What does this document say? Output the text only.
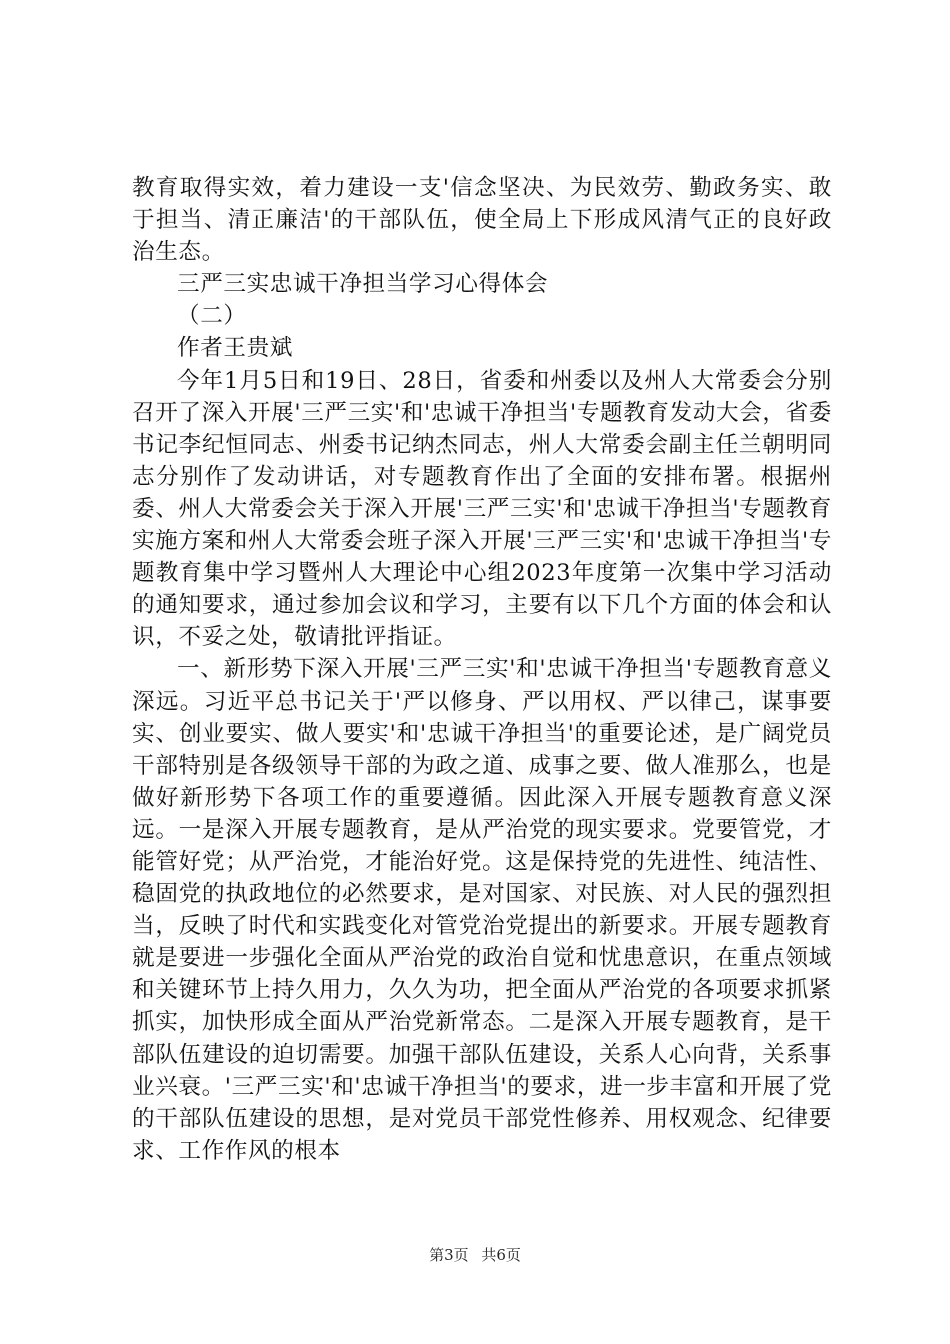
教育取得实效，着力建设一支'信念坚决、为民效劳、勤政务实、敢于担当、清正廉洁'的干部队伍，使全局上下形成风清气正的良好政治生态。

三严三实忠诚干净担当学习心得体会

（二）

作者王贵斌

今年1月5日和19日、28日，省委和州委以及州人大常委会分别召开了深入开展'三严三实'和'忠诚干净担当'专题教育发动大会，省委书记李纪恒同志、州委书记纳杰同志，州人大常委会副主任兰朝明同志分别作了发动讲话，对专题教育作出了全面的安排布署。根据州委、州人大常委会关于深入开展'三严三实'和'忠诚干净担当'专题教育实施方案和州人大常委会班子深入开展'三严三实'和'忠诚干净担当'专题教育集中学习暨州人大理论中心组2023年度第一次集中学习活动的通知要求，通过参加会议和学习，主要有以下几个方面的体会和认识，不妥之处，敬请批评指证。

一、新形势下深入开展'三严三实'和'忠诚干净担当'专题教育意义深远。习近平总书记关于'严以修身、严以用权、严以律己，谋事要实、创业要实、做人要实'和'忠诚干净担当'的重要论述，是广阔党员干部特别是各级领导干部的为政之道、成事之要、做人准那么，也是做好新形势下各项工作的重要遵循。因此深入开展专题教育意义深远。一是深入开展专题教育，是从严治党的现实要求。党要管党，才能管好党；从严治党，才能治好党。这是保持党的先进性、纯洁性、稳固党的执政地位的必然要求，是对国家、对民族、对人民的强烈担当，反映了时代和实践变化对管党治党提出的新要求。开展专题教育就是要进一步强化全面从严治党的政治自觉和忧患意识，在重点领域和关键环节上持久用力，久久为功，把全面从严治党的各项要求抓紧抓实，加快形成全面从严治党新常态。二是深入开展专题教育，是干部队伍建设的迫切需要。加强干部队伍建设，关系人心向背，关系事业兴衰。'三严三实'和'忠诚干净担当'的要求，进一步丰富和开展了党的干部队伍建设的思想，是对党员干部党性修养、用权观念、纪律要求、工作作风的根本

第3页 共6页
